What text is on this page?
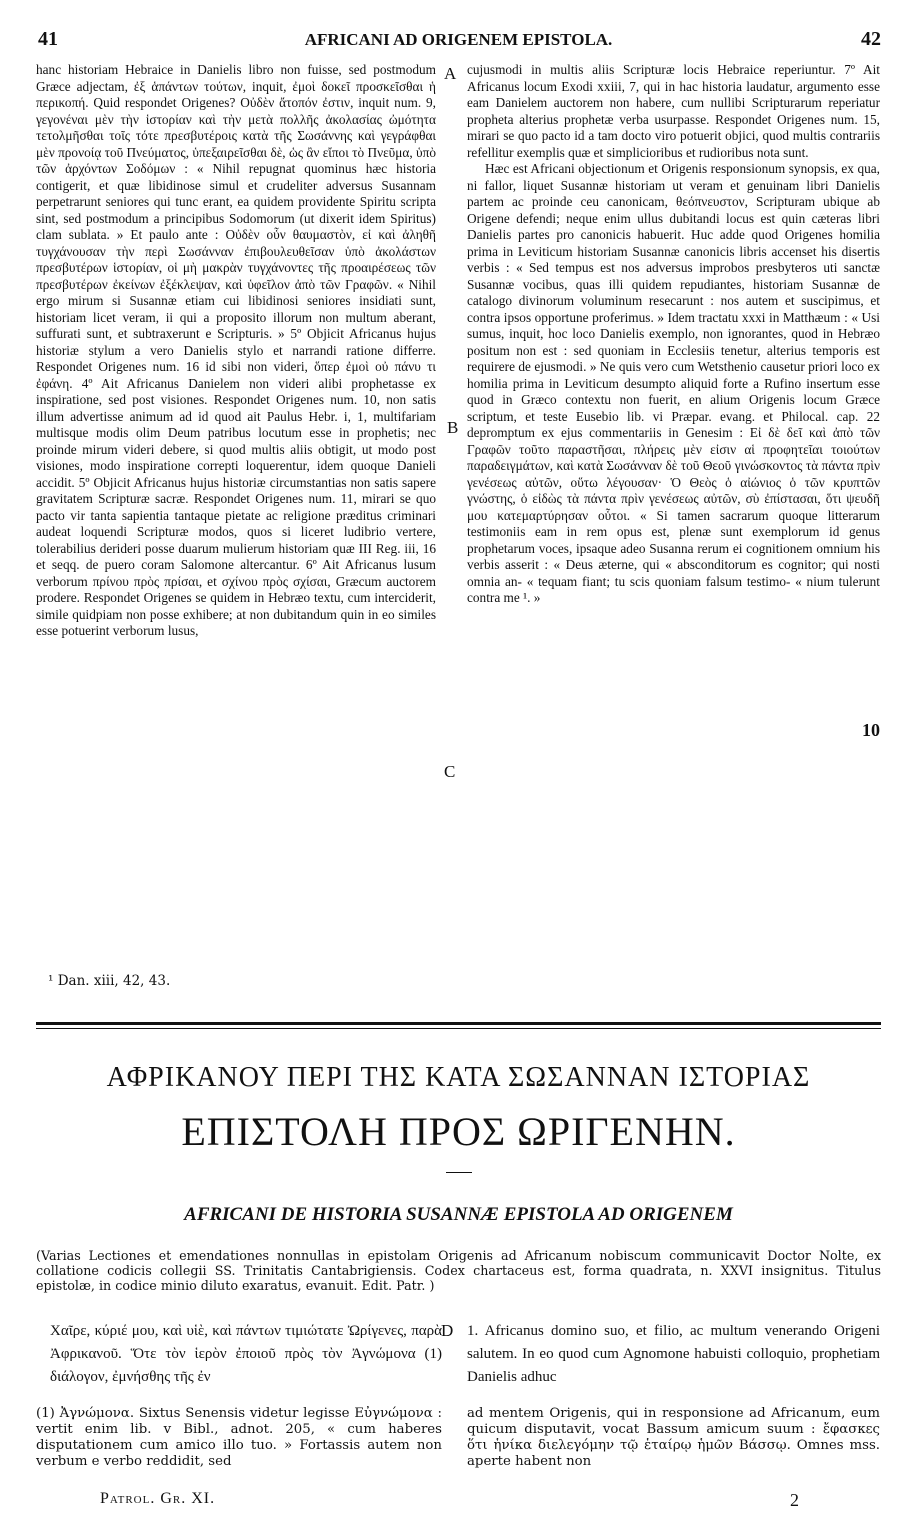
41	AFRICANI AD ORIGENEM EPISTOLA.	42

hanc historiam Hebraice in Danielis libro non fuisse, sed postmodum Græce adjectam, ἐξ ἁπάντων τούτων, inquit, ἐμοὶ δοκεῖ προσκεῖσθαι ἡ περικοπή. Quid respondet Origenes? Οὐδὲν ἄτοπόν ἐστιν, inquit num. 9, γεγονέναι μὲν τὴν ἱστορίαν καὶ τὴν μετὰ πολλῆς ἀκολασίας ὠμότητα τετολμῆσθαι τοῖς τότε πρεσβυτέροις κατὰ τῆς Σωσάννης καὶ γεγράφθαι μὲν προνοίᾳ τοῦ Πνεύματος, ὑπεξαιρεῖσθαι δὲ, ὡς ἂν εἴποι τὸ Πνεῦμα, ὑπὸ τῶν ἀρχόντων Σοδόμων : « Nihil repugnat quominus hæc historia contigerit, et quæ libidinose simul et crudeliter adversus Susannam perpetrarunt seniores qui tunc erant, ea quidem providente Spiritu scripta sint, sed postmodum a principibus Sodomorum (ut dixerit idem Spiritus) clam sublata. » Et paulo ante : Οὐδὲν οὖν θαυμαστὸν, εἰ καὶ ἀληθῆ τυγχάνουσαν τὴν περὶ Σωσάνναν ἐπιβουλευθεῖσαν ὑπὸ ἀκολάστων πρεσβυτέρων ἱστορίαν, οἱ μὴ μακρὰν τυγχάνοντες τῆς προαιρέσεως τῶν πρεσβυτέρων ἐκείνων ἐξέκλεψαν, καὶ ὑφεῖλον ἀπὸ τῶν Γραφῶν. « Nihil ergo mirum si Susannæ etiam cui libidinosi seniores insidiati sunt, historiam licet veram, ii qui a proposito illorum non multum aberant, suffurati sunt, et subtraxerunt e Scripturis. » 5º Objicit Africanus hujus historiæ stylum a vero Danielis stylo et narrandi ratione differre. Respondet Origenes num. 16 id sibi non videri, ὅπερ ἐμοὶ οὐ πάνυ τι ἐφάνη. 4º Ait Africanus Danielem non videri alibi prophetasse ex inspiratione, sed post visiones. Respondet Origenes num. 10, non satis illum advertisse animum ad id quod ait Paulus Hebr. i, 1, multifariam multisque modis olim Deum patribus locutum esse in prophetis; nec proinde mirum videri debere, si quod multis aliis obtigit, ut modo post visiones, modo inspiratione correpti loquerentur, idem quoque Danieli accidit. 5º Objicit Africanus hujus historiæ circumstantias non satis sapere gravitatem Scripturæ sacræ. Respondet Origenes num. 11, mirari se quo pacto vir tanta sapientia tantaque pietate ac religione præditus criminari audeat loquendi Scripturæ modos, quos si liceret ludibrio vertere, tolerabilius derideri posse duarum mulierum historiam quæ III Reg. iii, 16 et seqq. de puero coram Salomone altercantur. 6º Ait Africanus lusum verborum πρίνου πρὸς πρίσαι, et σχίνου πρὸς σχίσαι, Græcum auctorem prodere. Respondet Origenes se quidem in Hebræo textu, cum interciderit, simile quidpiam non posse exhibere; at non dubitandum quin in eo similes esse potuerint verborum lusus,

cujusmodi in multis aliis Scripturæ locis Hebraice reperiuntur. 7º Ait Africanus locum Exodi xxiii, 7, qui in hac historia laudatur, argumento esse eam Danielem auctorem non habere, cum nullibi Scripturarum reperiatur propheta alterius prophetæ verba usurpasse. Respondet Origenes num. 15, mirari se quo pacto id a tam docto viro potuerit objici, quod multis contrariis refellitur exemplis quæ et simplicioribus et rudioribus nota sunt.

Hæc est Africani objectionum et Origenis responsionum synopsis, ex qua, ni fallor, liquet Susannæ historiam ut veram et genuinam libri Danielis partem ac proinde ceu canonicam, θεόπνευστον, Scripturam ubique ab Origene defendi; neque enim ullus dubitandi locus est quin cæteras libri Danielis partes pro canonicis habuerit. Huc adde quod Origenes homilia prima in Leviticum historiam Susannæ canonicis libris accenset his disertis verbis : « Sed tempus est nos adversus improbos presbyteros uti sanctæ Susannæ vocibus, quas illi quidem repudiantes, historiam Susannæ de catalogo divinorum voluminum resecarunt : nos autem et suscipimus, et contra ipsos opportune proferimus. » Idem tractatu xxxi in Matthæum : « Usi sumus, inquit, hoc loco Danielis exemplo, non ignorantes, quod in Hebræo positum non est : sed quoniam in Ecclesiis tenetur, alterius temporis est requirere de ejusmodi. » Ne quis vero cum Wetsthenio causetur priori loco ex homilia prima in Leviticum desumpto aliquid forte a Rufino insertum esse quod in Græco contextu non fuerit, en alium Origenis locum Græce scriptum, et teste Eusebio lib. vi Præpar. evang. et Philocal. cap. 22 depromptum ex ejus commentariis in Genesim : Εἰ δὲ δεῖ καὶ ἀπὸ τῶν Γραφῶν τοῦτο παραστῆσαι, πλήρεις μὲν εἰσιν αἱ προφητεῖαι τοιούτων παραδειγμάτων, καὶ κατὰ Σωσάνναν δὲ τοῦ Θεοῦ γινώσκοντος τὰ πάντα πρὶν γενέσεως αὐτῶν, οὕτω λέγουσαν· Ὁ Θεὸς ὁ αἰώνιος ὁ τῶν κρυπτῶν γνώστης, ὁ εἰδὼς τὰ πάντα πρὶν γενέσεως αὐτῶν, σὺ ἐπίστασαι, ὅτι ψευδῆ μου κατεμαρτύρησαν οὗτοι. « Si tamen sacrarum quoque litterarum testimoniis eam in rem opus est, plenæ sunt exemplorum id genus prophetarum voces, ipsaque adeo Susanna rerum ei cognitionem omnium his verbis asserit : « Deus æterne, qui « absconditorum es cognitor; qui nosti omnia an- « tequam fiant; tu scis quoniam falsum testimo- « nium tulerunt contra me ¹. »

A
B
C
10
¹ Dan. xiii, 42, 43.
ΑΦΡΙΚΑΝΟΥ ΠΕΡΙ ΤΗΣ ΚΑΤΑ ΣΩΣΑΝΝΑΝ ΙΣΤΟΡΙΑΣ
ΕΠΙΣΤΟΛΗ ΠΡΟΣ ΩΡΙΓΕΝΗΝ.
AFRICANI DE HISTORIA SUSANNÆ EPISTOLA AD ORIGENEM
(Varias Lectiones et emendationes nonnullas in epistolam Origenis ad Africanum nobiscum communicavit Doctor Nolte, ex collatione codicis collegii SS. Trinitatis Cantabrigiensis. Codex chartaceus est, forma quadrata, n. XXVI insignitus. Titulus epistolæ, in codice minio diluto exaratus, evanuit. Edit. Patr. )
Χαῖρε, κύριέ μου, καὶ υἱὲ, καὶ πάντων τιμιώτατε Ὠρίγενες, παρὰ Ἀφρικανοῦ. Ὅτε τὸν ἱερὸν ἐποιοῦ πρὸς τὸν Ἀγνώμονα (1) διάλογον, ἐμνήσθης τῆς ἐν
D 1. Africanus domino suo, et filio, ac multum venerando Origeni salutem. In eo quod cum Agnomone habuisti colloquio, prophetiam Danielis adhuc
(1) Ἀγνώμονα. Sixtus Senensis videtur legisse Εὐγνώμονα : vertit enim lib. v Bibl., adnot. 205, « cum haberes disputationem cum amico illo tuo. » Fortassis autem non verbum e verbo reddidit, sed
ad mentem Origenis, qui in responsione ad Africanum, eum quicum disputavit, vocat Bassum amicum suum : ἔφασκες ὅτι ἡνίκα διελεγόμην τῷ ἑταίρῳ ἡμῶν Βάσσῳ. Omnes mss. aperte habent non
Patrol. Gr. XI.	2
